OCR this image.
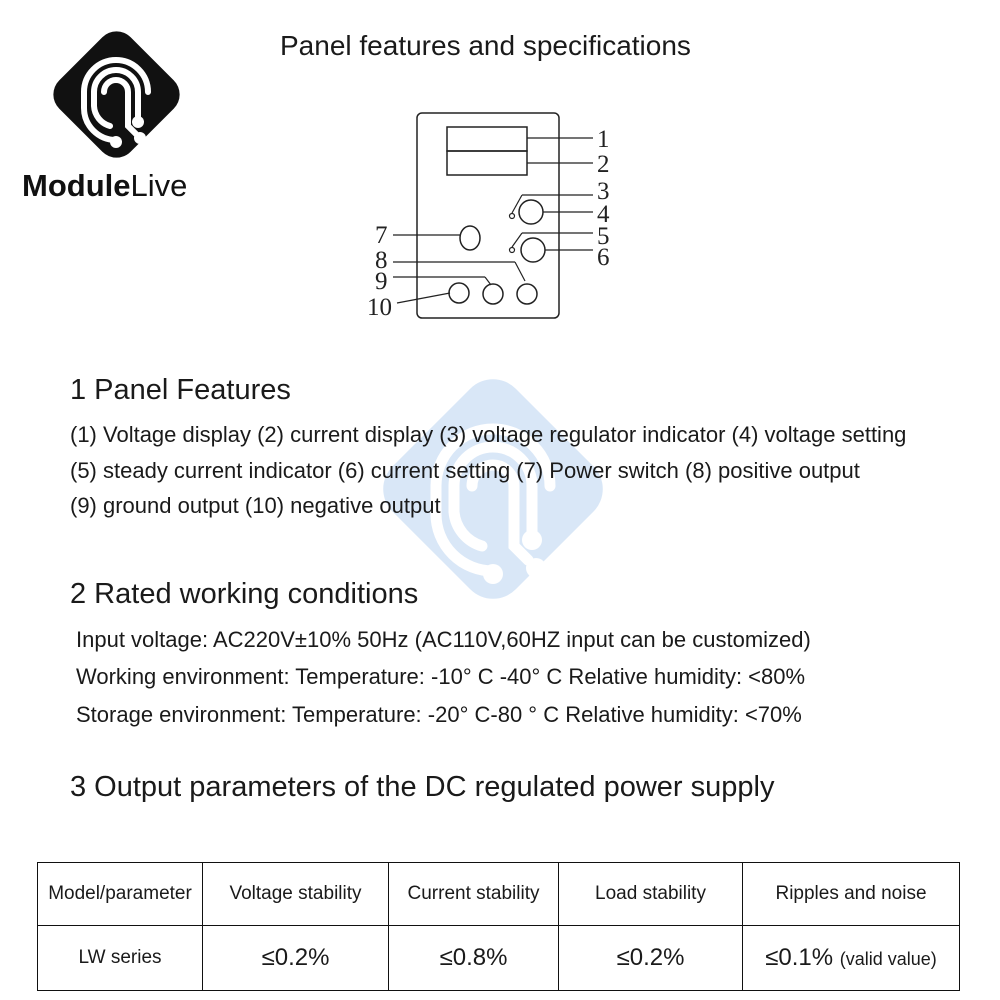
ModuleLive
Panel features and specifications
1
2
3
4
5
6
7
8
9
10
1 Panel Features
(1) Voltage display (2) current display (3) voltage regulator indicator (4) voltage setting
(5) steady current indicator (6) current setting (7) Power switch (8) positive output
(9) ground output (10) negative output
2 Rated working conditions
Input voltage: AC220V±10% 50Hz (AC110V,60HZ input can be customized)
Working environment: Temperature: -10° C -40° C Relative humidity: <80%
Storage environment: Temperature: -20° C-80 ° C Relative humidity: <70%
3 Output parameters of the DC regulated power supply
Model/parameter	Voltage stability	Current stability	Load stability	Ripples and noise
LW series	≤0.2%	≤0.8%	≤0.2%	≤0.1% (valid value)
